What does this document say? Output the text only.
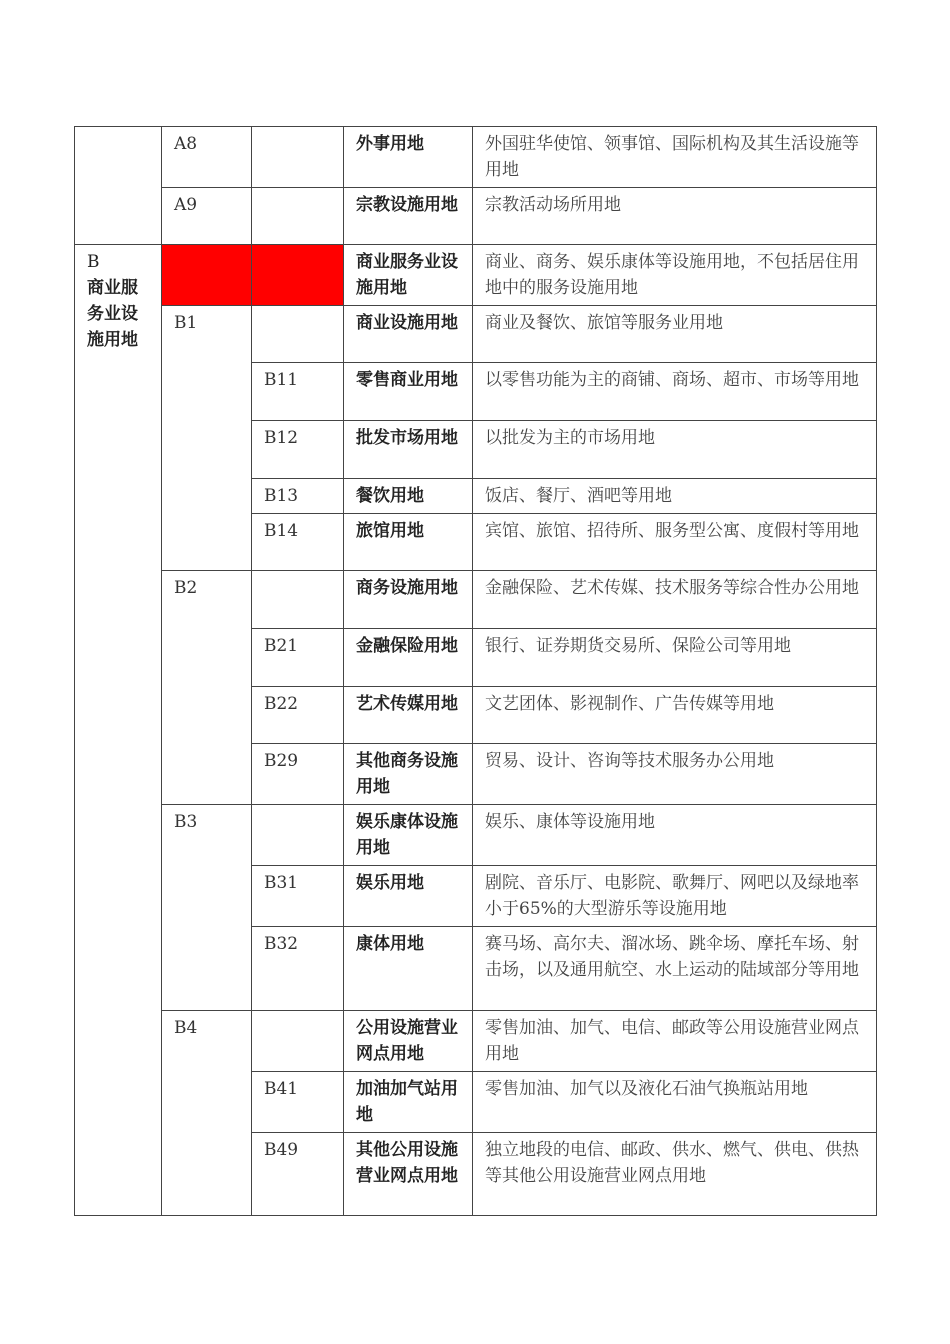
	A8		外事用地	外国驻华使馆、领事馆、国际机构及其生活设施等用地
	A9		宗教设施用地	宗教活动场所用地

B
商业服
务业设
施用地			商业服务业设施用地	商业、商务、娱乐康体等设施用地，不包括居住用地中的服务设施用地
	B1		商业设施用地	商业及餐饮、旅馆等服务业用地
		B11	零售商业用地	以零售功能为主的商铺、商场、超市、市场等用地
		B12	批发市场用地	以批发为主的市场用地
		B13	餐饮用地	饭店、餐厅、酒吧等用地
		B14	旅馆用地	宾馆、旅馆、招待所、服务型公寓、度假村等用地
	B2		商务设施用地	金融保险、艺术传媒、技术服务等综合性办公用地
		B21	金融保险用地	银行、证券期货交易所、保险公司等用地
		B22	艺术传媒用地	文艺团体、影视制作、广告传媒等用地
		B29	其他商务设施用地	贸易、设计、咨询等技术服务办公用地
	B3		娱乐康体设施用地	娱乐、康体等设施用地
		B31	娱乐用地	剧院、音乐厅、电影院、歌舞厅、网吧以及绿地率小于65%的大型游乐等设施用地
		B32	康体用地	赛马场、高尔夫、溜冰场、跳伞场、摩托车场、射击场，以及通用航空、水上运动的陆域部分等用地
	B4		公用设施营业网点用地	零售加油、加气、电信、邮政等公用设施营业网点用地
		B41	加油加气站用地	零售加油、加气以及液化石油气换瓶站用地
		B49	其他公用设施营业网点用地	独立地段的电信、邮政、供水、燃气、供电、供热等其他公用设施营业网点用地
